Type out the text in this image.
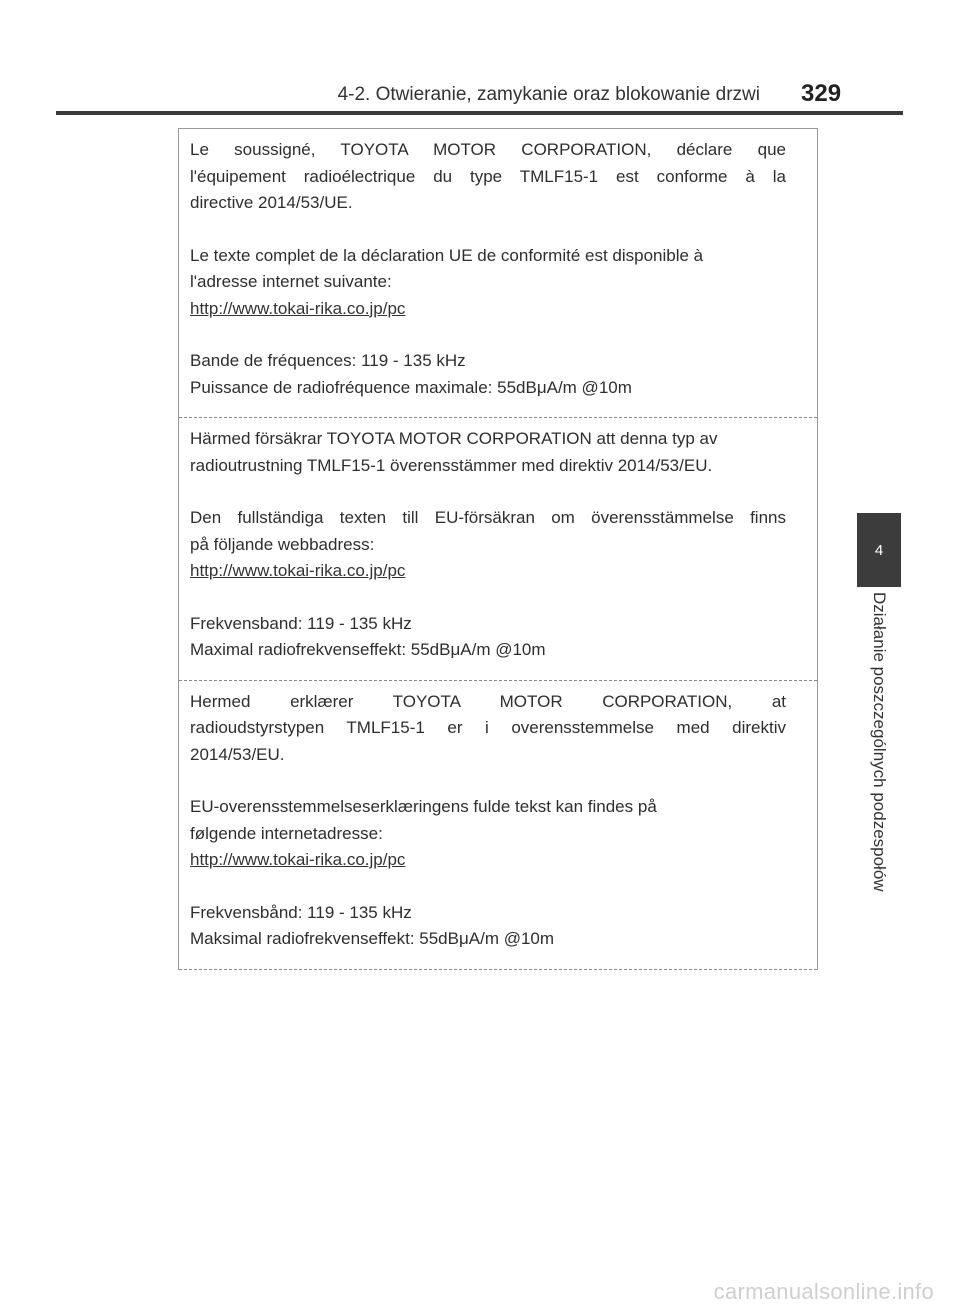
4-2. Otwieranie, zamykanie oraz blokowanie drzwi 329
4
Działanie poszczególnych podzespołów

Le soussigné, TOYOTA MOTOR CORPORATION, déclare que

l'équipement radioélectrique du type TMLF15-1 est conforme à la

directive 2014/53/UE.

Le texte complet de la déclaration UE de conformité est disponible à

l'adresse internet suivante:

http://www.tokai-rika.co.jp/pc

Bande de fréquences: 119 - 135 kHz

Puissance de radiofréquence maximale: 55dBμA/m @10m

Härmed försäkrar TOYOTA MOTOR CORPORATION att denna typ av

radioutrustning TMLF15-1 överensstämmer med direktiv 2014/53/EU.

Den fullständiga texten till EU-försäkran om överensstämmelse finns

på följande webbadress:

http://www.tokai-rika.co.jp/pc

Frekvensband: 119 - 135 kHz

Maximal radiofrekvenseffekt: 55dBμA/m @10m

Hermed erklærer TOYOTA MOTOR CORPORATION, at

radioudstyrstypen TMLF15-1 er i overensstemmelse med direktiv

2014/53/EU.

EU-overensstemmelseserklæringens fulde tekst kan findes på

følgende internetadresse:

http://www.tokai-rika.co.jp/pc

Frekvensbånd: 119 - 135 kHz

Maksimal radiofrekvenseffekt: 55dBμA/m @10m

carmanualsonline.info
